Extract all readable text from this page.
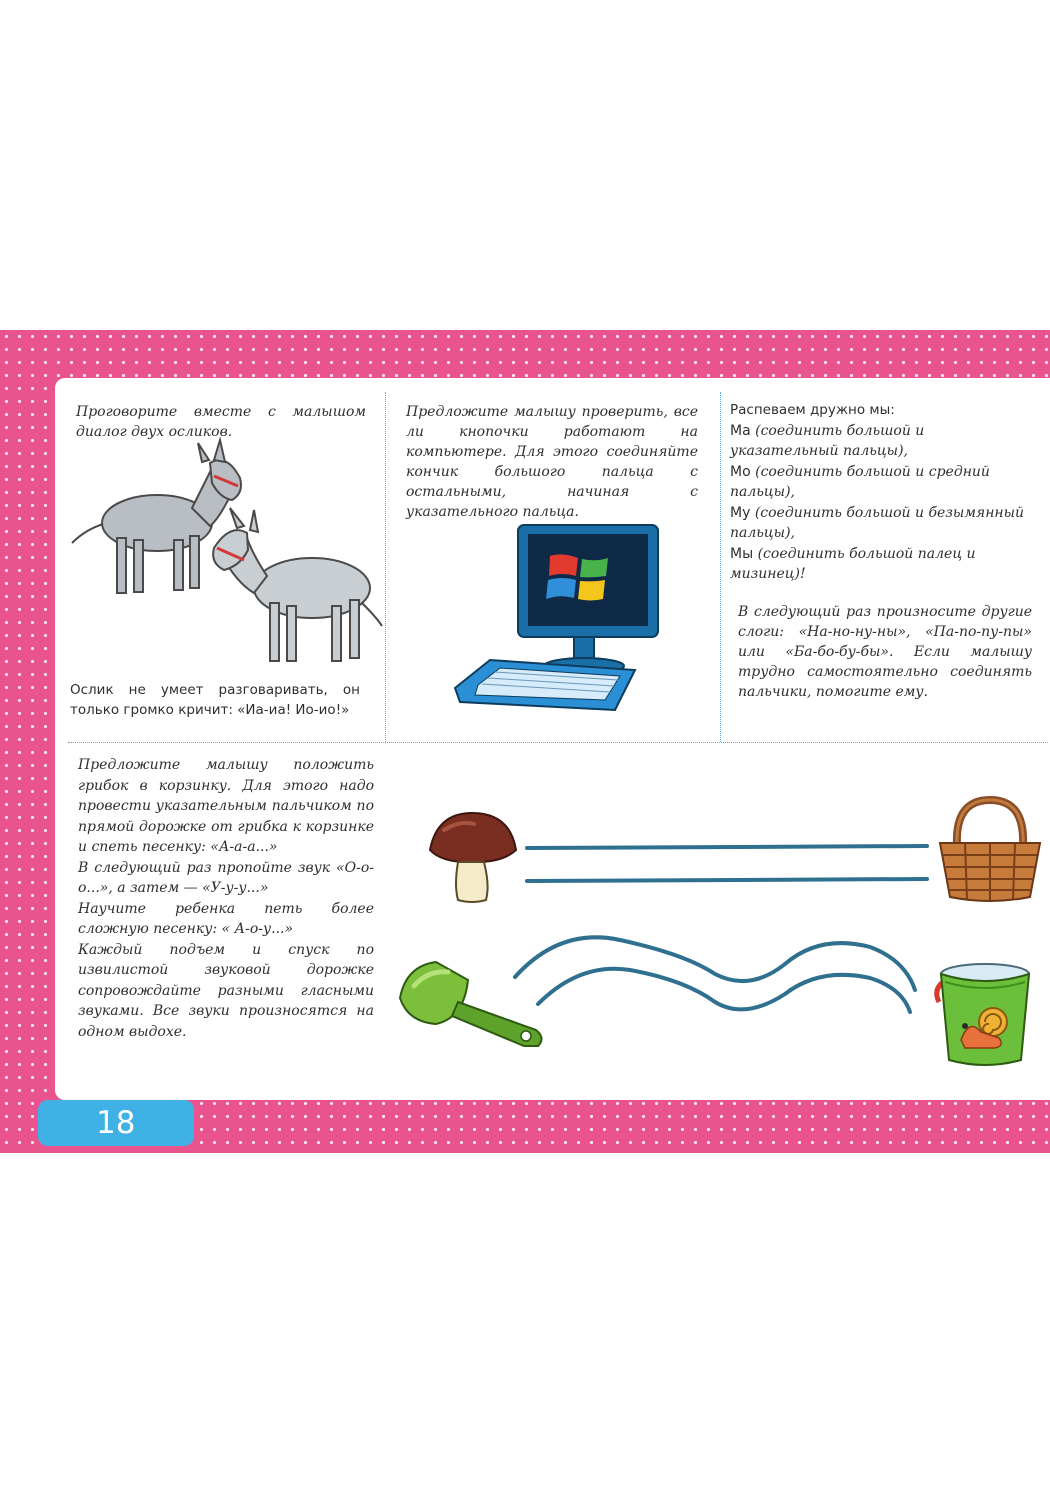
18

Проговорите вместе с малышом диалог двух осликов.

Ослик не умеет разговаривать, он только громко кричит: «Иа-иа! Ио-ио!»

Предложите малышу проверить, все ли кнопочки работают на компьютере. Для этого соединяйте кончик большого пальца с остальными, начиная с указательного пальца.

Распеваем дружно мы:

Ма (соединить большой и указательный пальцы),

Мо (соединить большой и средний пальцы),

Му (соединить большой и безымянный пальцы),

Мы (соединить большой палец и мизинец)!

В следующий раз произносите другие слоги: «На-но-ну-ны», «Па-по-пу-пы» или «Ба-бо-бу-бы». Если малышу трудно самостоятельно соединять пальчики, помогите ему.

Предложите малышу положить грибок в корзинку. Для этого надо провести указательным пальчиком по прямой дорожке от грибка к корзинке и спеть песенку: «А-а-а...»

В следующий раз пропойте звук «О-о-о...», а затем — «У-у-у...»

Научите ребенка петь более сложную песенку: « А-о-у...»

Каждый подъем и спуск по извилистой звуковой дорожке сопровождайте разными гласными звуками. Все звуки произносятся на одном выдохе.
